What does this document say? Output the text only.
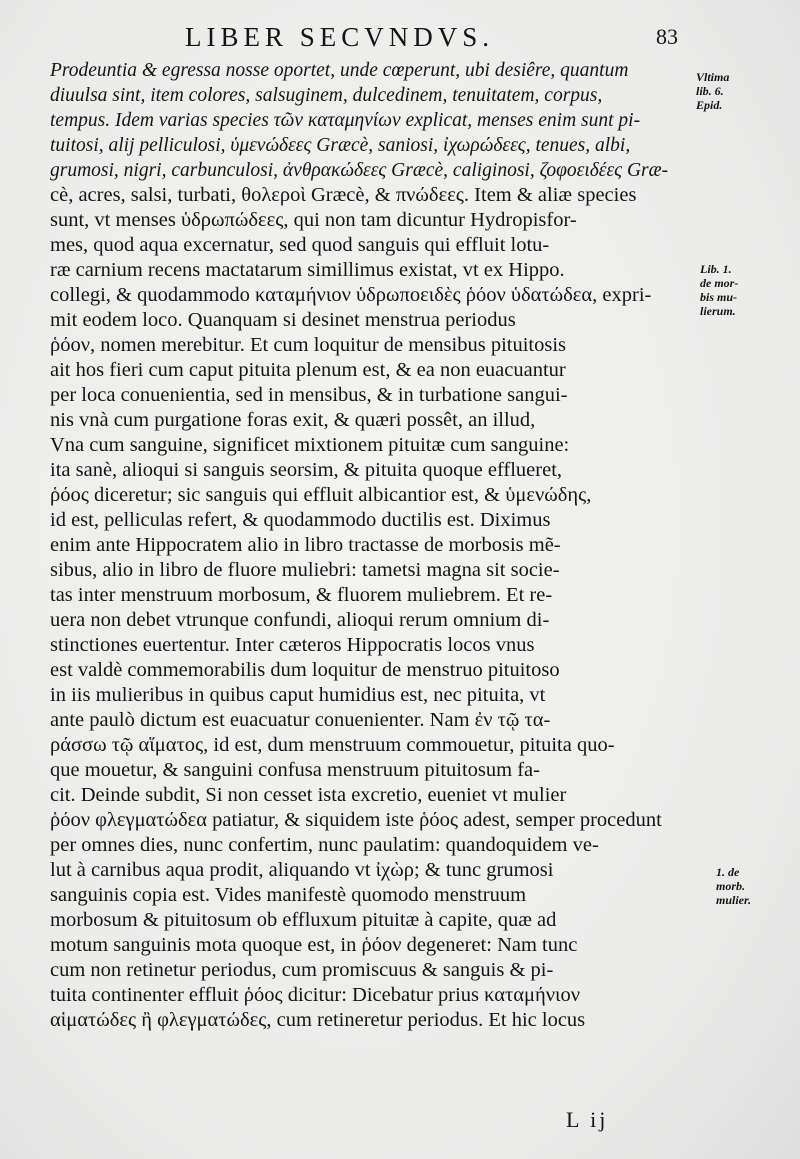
LIBER SECVNDVS.	83
Prodeuntia & egressa nosse oportet, unde cœperunt, ubi desiêre, quantum
diuulsa sint, item colores, salsuginem, dulcedinem, tenuitatem, corpus,
tempus. Idem varias species τῶν καταμηνίων explicat, menses enim sunt pi-
tuitosi, alij pelliculosi, ὑμενώδεες Græcè, saniosi, ἰχωρώδεες, tenues, albi,
grumosi, nigri, carbunculosi, ἀνθρακώδεες Græcè, caliginosi, ζοφοειδέες Græ-
cè, acres, salsi, turbati, θολεροὶ Græcè, & πνώδεες. Item & aliæ species
sunt, vt menses ὑδρωπώδεες, qui non tam dicuntur Hydropisfor-
mes, quod aqua excernatur, sed quod sanguis qui effluit lotu-
ræ carnium recens mactatarum simillimus existat, vt ex Hippo.
collegi, & quodammodo καταμήνιον ὑδρωποειδὲς ῥόον ὑδατώδεα, expri-
mit eodem loco. Quanquam si desinet menstrua periodus
ῥόον, nomen merebitur. Et cum loquitur de mensibus pituitosis
ait hos fieri cum caput pituita plenum est, & ea non euacuantur
per loca conuenientia, sed in mensibus, & in turbatione sangui-
nis vnà cum purgatione foras exit, & quæri possêt, an illud,
Vna cum sanguine, significet mixtionem pituitæ cum sanguine:
ita sanè, alioqui si sanguis seorsim, & pituita quoque efflueret,
ῥόος diceretur; sic sanguis qui effluit albicantior est, & ὑμενώδης,
id est, pelliculas refert, & quodammodo ductilis est. Diximus
enim ante Hippocratem alio in libro tractasse de morbosis mẽ-
sibus, alio in libro de fluore muliebri: tametsi magna sit socie-
tas inter menstruum morbosum, & fluorem muliebrem. Et re-
uera non debet vtrunque confundi, alioqui rerum omnium di-
stinctiones euertentur. Inter cæteros Hippocratis locos vnus
est valdè commemorabilis dum loquitur de menstruo pituitoso
in iis mulieribus in quibus caput humidius est, nec pituita, vt
ante paulò dictum est euacuatur conuenienter. Nam ἐν τῷ τα-
ράσσω τῷ αἵματος, id est, dum menstruum commouetur, pituita quo-
que mouetur, & sanguini confusa menstruum pituitosum fa-
cit. Deinde subdit, Si non cesset ista excretio, eueniet vt mulier
ῥόον φλεγματώδεα patiatur, & siquidem iste ῥόος adest, semper procedunt
per omnes dies, nunc confertim, nunc paulatim: quandoquidem ve-
lut à carnibus aqua prodit, aliquando vt ἰχὼρ; & tunc grumosi
sanguinis copia est. Vides manifestè quomodo menstruum
morbosum & pituitosum ob effluxum pituitæ à capite, quæ ad
motum sanguinis mota quoque est, in ῥόον degeneret: Nam tunc
cum non retinetur periodus, cum promiscuus & sanguis & pi-
tuita continenter effluit ῥόος dicitur: Dicebatur prius καταμήνιον
αἱματώδες ἢ φλεγματώδες, cum retineretur periodus. Et hic locus
Vltima
lib. 6.
Epid.
Lib. 1.
de mor-
bis mu-
lierum.
1. de
morb.
mulier.
L ij
